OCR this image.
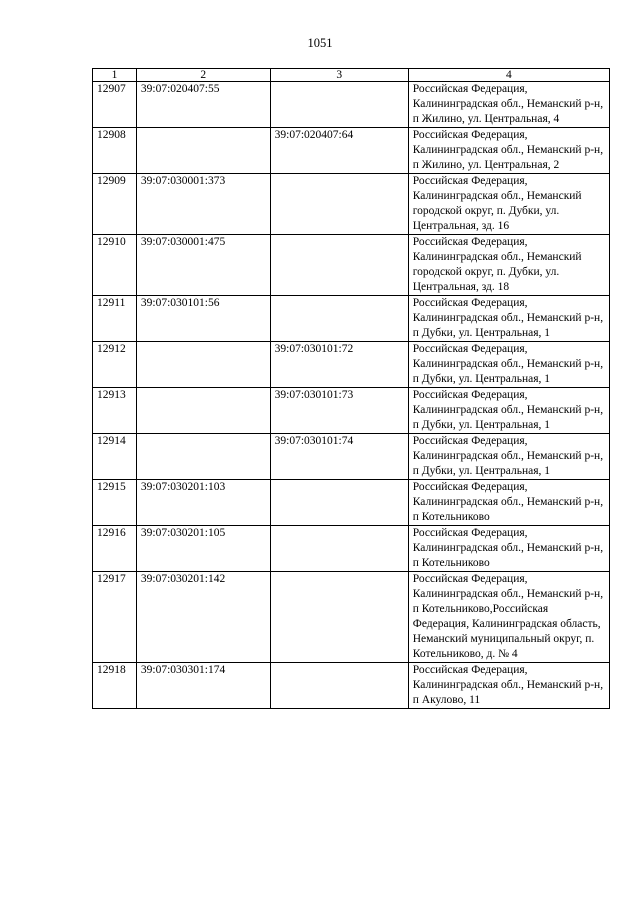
1051
1	2	3	4
12907	39:07:020407:55		Российская Федерация, Калининградская обл., Неманский р-н, п Жилино, ул. Центральная, 4
12908		39:07:020407:64	Российская Федерация, Калининградская обл., Неманский р-н, п Жилино, ул. Центральная, 2
12909	39:07:030001:373		Российская Федерация, Калининградская обл., Неманский городской округ, п. Дубки, ул. Центральная, зд. 16
12910	39:07:030001:475		Российская Федерация, Калининградская обл., Неманский городской округ, п. Дубки, ул. Центральная, зд. 18
12911	39:07:030101:56		Российская Федерация, Калининградская обл., Неманский р-н, п Дубки, ул. Центральная, 1
12912		39:07:030101:72	Российская Федерация, Калининградская обл., Неманский р-н, п Дубки, ул. Центральная, 1
12913		39:07:030101:73	Российская Федерация, Калининградская обл., Неманский р-н, п Дубки, ул. Центральная, 1
12914		39:07:030101:74	Российская Федерация, Калининградская обл., Неманский р-н, п Дубки, ул. Центральная, 1
12915	39:07:030201:103		Российская Федерация, Калининградская обл., Неманский р-н, п Котельниково
12916	39:07:030201:105		Российская Федерация, Калининградская обл., Неманский р-н, п Котельниково
12917	39:07:030201:142		Российская Федерация, Калининградская обл., Неманский р-н, п Котельниково,Российская Федерация, Калининградская область, Неманский муниципальный округ, п. Котельниково, д. № 4
12918	39:07:030301:174		Российская Федерация, Калининградская обл., Неманский р-н, п Акулово, 11
